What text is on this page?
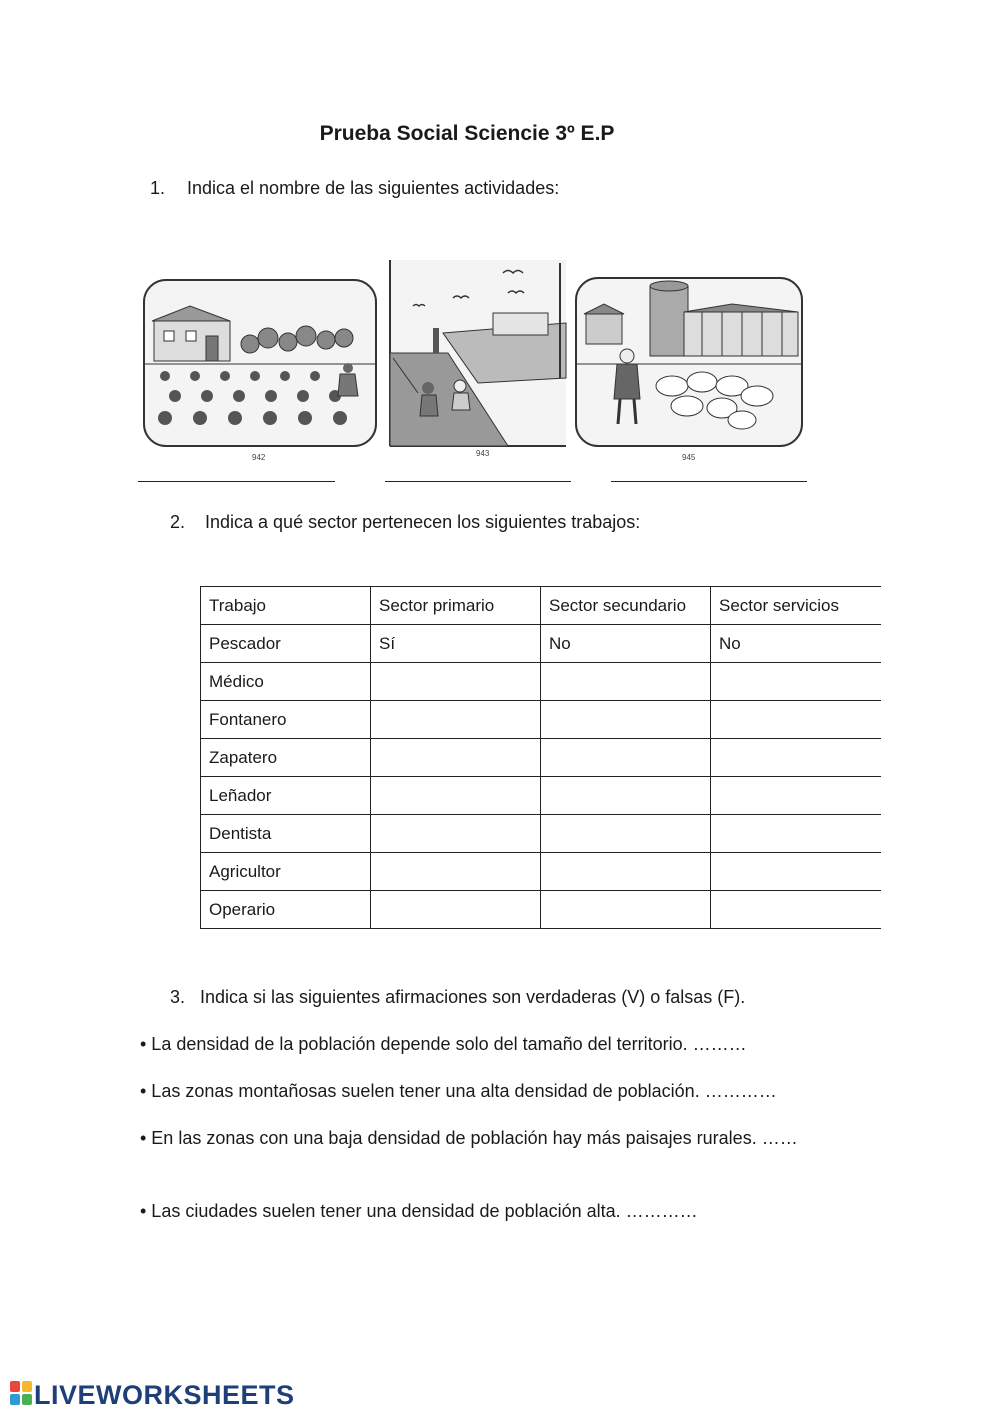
Prueba Social Sciencie 3º E.P
1. Indica el nombre de las siguientes actividades:
942	943	945
2. Indica a qué sector pertenecen los siguientes trabajos:
Trabajo	Sector primario	Sector secundario	Sector servicios
Pescador	Sí	No	No
Médico			
Fontanero			
Zapatero			
Leñador			
Dentista			
Agricultor			
Operario			
3. Indica si las siguientes afirmaciones son verdaderas (V) o falsas (F).
• La densidad de la población depende solo del tamaño del territorio. ………
• Las zonas montañosas suelen tener una alta densidad de población. …………
• En las zonas con una baja densidad de población hay más paisajes rurales. ……
• Las ciudades suelen tener una densidad de población alta. …………
LIVEWORKSHEETS
